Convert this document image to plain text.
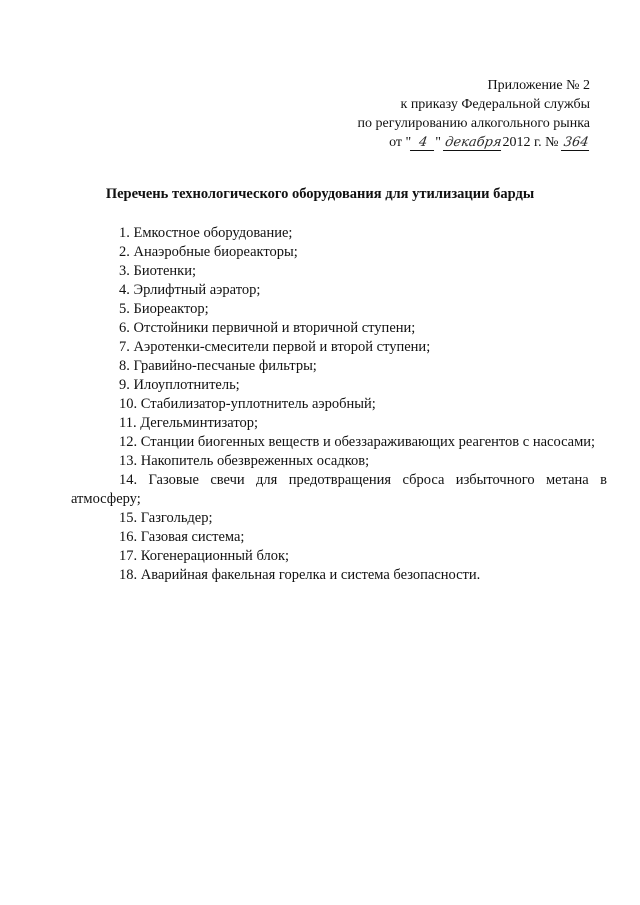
Приложение № 2
к приказу Федеральной службы
по регулированию алкогольного рынка
от " 4 " декабря2012 г. № 364
Перечень технологического оборудования для утилизации барды
1. Емкостное оборудование;
2. Анаэробные биореакторы;
3. Биотенки;
4. Эрлифтный аэратор;
5. Биореактор;
6. Отстойники первичной и вторичной ступени;
7. Аэротенки-смесители первой и второй ступени;
8. Гравийно-песчаные фильтры;
9. Илоуплотнитель;
10. Стабилизатор-уплотнитель аэробный;
11. Дегельминтизатор;
12. Станции биогенных веществ и обеззараживающих реагентов с насосами;
13. Накопитель обезвреженных осадков;
14. Газовые свечи для предотвращения сброса избыточного метана в атмосферу;
15. Газгольдер;
16. Газовая система;
17. Когенерационный блок;
18. Аварийная факельная горелка и система безопасности.
